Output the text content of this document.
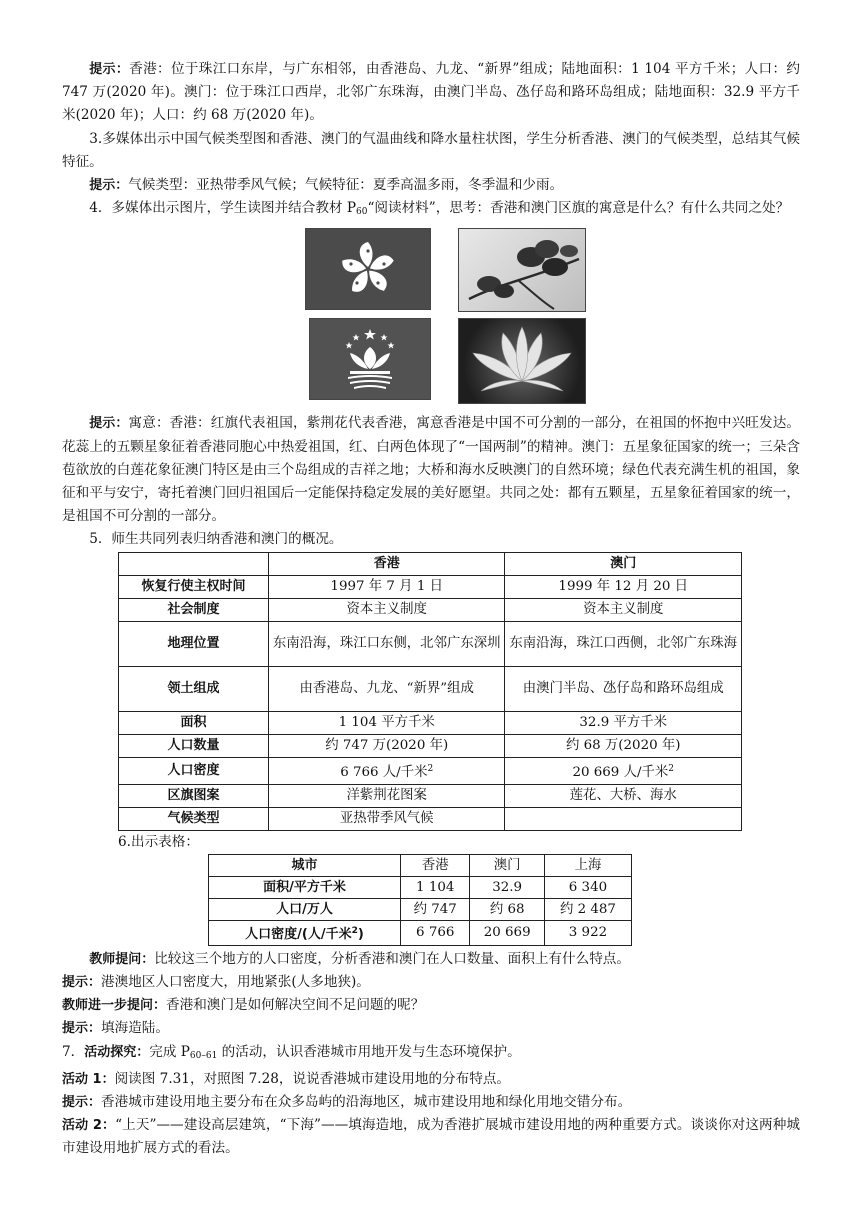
提示：香港：位于珠江口东岸，与广东相邻，由香港岛、九龙、“新界”组成；陆地面积：1 104 平方千米；人口：约 747 万(2020 年)。澳门：位于珠江口西岸，北邻广东珠海，由澳门半岛、氹仔岛和路环岛组成；陆地面积：32.9 平方千米(2020 年)；人口：约 68 万(2020 年)。

3.多媒体出示中国气候类型图和香港、澳门的气温曲线和降水量柱状图，学生分析香港、澳门的气候类型，总结其气候特征。

提示：气候类型：亚热带季风气候；气候特征：夏季高温多雨，冬季温和少雨。

4．多媒体出示图片，学生读图并结合教材 $P_{60}“$阅读材料”，思考：香港和澳门区旗的寓意是什么？有什么共同之处？

提示：寓意：香港：红旗代表祖国，紫荆花代表香港，寓意香港是中国不可分割的一部分，在祖国的怀抱中兴旺发达。花蕊上的五颗星象征着香港同胞心中热爱祖国，红、白两色体现了“一国两制”的精神。澳门：五星象征国家的统一；三朵含苞欲放的白莲花象征澳门特区是由三个岛组成的吉祥之地；大桥和海水反映澳门的自然环境；绿色代表充满生机的祖国，象征和平与安宁，寄托着澳门回归祖国后一定能保持稳定发展的美好愿望。共同之处：都有五颗星，五星象征着国家的统一，是祖国不可分割的一部分。

5．师生共同列表归纳香港和澳门的概况。

	香港	澳门
恢复行使主权时间	1997 年 7 月 1 日	1999 年 12 月 20 日
社会制度	资本主义制度	资本主义制度
地理位置	东南沿海，珠江口东侧，北邻广东深圳	东南沿海，珠江口西侧，北邻广东珠海
领土组成	由香港岛、九龙、“新界”组成	由澳门半岛、氹仔岛和路环岛组成
面积	1 104 平方千米	32.9 平方千米
人口数量	约 747 万(2020 年)	约 68 万(2020 年)
人口密度	6 766 人/千米$^2$	20 669 人/千米$^2$
区旗图案	洋紫荆花图案	莲花、大桥、海水
气候类型	亚热带季风气候	

6.出示表格：

城市	香港	澳门	上海
面积/平方千米	1 104	32.9	6 340
人口/万人	约 747	约 68	约 2 487
人口密度/(人/千米$^2$)	6 766	20 669	3 922

教师提问：比较这三个地方的人口密度，分析香港和澳门在人口数量、面积上有什么特点。

提示：港澳地区人口密度大，用地紧张(人多地狭)。

教师进一步提问：香港和澳门是如何解决空间不足问题的呢？

提示：填海造陆。

7．活动探究：完成 $P_{60-61}$ 的活动，认识香港城市用地开发与生态环境保护。

活动 1：阅读图 7.31，对照图 7.28，说说香港城市建设用地的分布特点。

提示：香港城市建设用地主要分布在众多岛屿的沿海地区，城市建设用地和绿化用地交错分布。

活动 2：“上天”——建设高层建筑，“下海”——填海造地，成为香港扩展城市建设用地的两种重要方式。谈谈你对这两种城市建设用地扩展方式的看法。
